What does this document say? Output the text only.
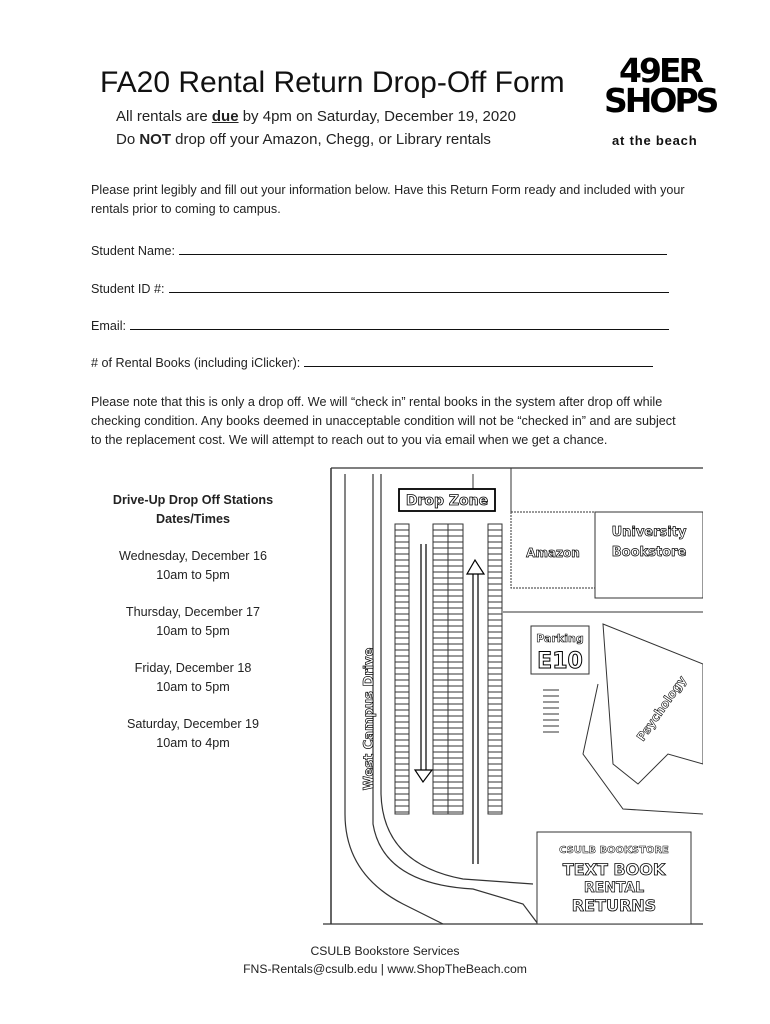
FA20 Rental Return Drop-Off Form
All rentals are due by 4pm on Saturday, December 19, 2020
Do NOT drop off your Amazon, Chegg, or Library rentals
49ER
SHOPS
at the beach
Please print legibly and fill out your information below. Have this Return Form ready and included with your rentals prior to coming to campus.
Student Name:
Student ID #:
Email:
# of Rental Books (including iClicker):
Please note that this is only a drop off. We will “check in” rental books in the system after drop off while checking condition. Any books deemed in unacceptable condition will not be “checked in” and are subject to the replacement cost. We will attempt to reach out to you via email when we get a chance.
Drive-Up Drop Off Stations
Dates/Times
Wednesday, December 16
10am to 5pm
Thursday, December 17
10am to 5pm
Friday, December 18
10am to 5pm
Saturday, December 19
10am to 4pm
Drop Zone
Amazon
University
Bookstore
Parking
E10
Psychology
West Campus Drive
CSULB BOOKSTORE
TEXT BOOK
RENTAL
RETURNS
CSULB Bookstore Services
FNS-Rentals@csulb.edu | www.ShopTheBeach.com
